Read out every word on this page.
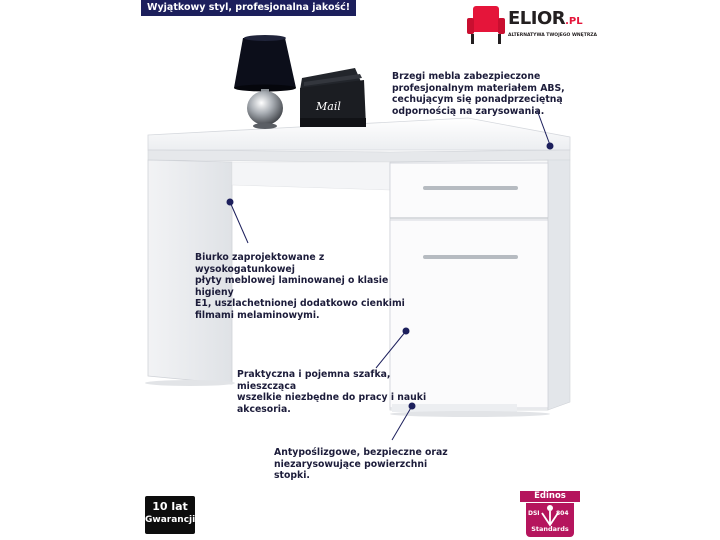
Wyjątkowy styl, profesjonalna jakość!
ELIOR.PL
ALTERNATYWA TWOJEGO WNĘTRZA
Mail

Brzegi mebla zabezpieczone
profesjonalnym materiałem ABS,
cechującym się ponadprzeciętną
odpornością na zarysowania.

Biurko zaprojektowane z wysokogatunkowej
płyty meblowej laminowanej o klasie higieny
E1, uszlachetnionej dodatkowo cienkimi
filmami melaminowymi.

Praktyczna i pojemna szafka, mieszcząca
wszelkie niezbędne do pracy i nauki
akcesoria.

Antypoślizgowe, bezpieczne oraz
niezarysowujące powierzchni stopki.

10 lat
Gwarancji
Edinos
DSI	804
Standards
